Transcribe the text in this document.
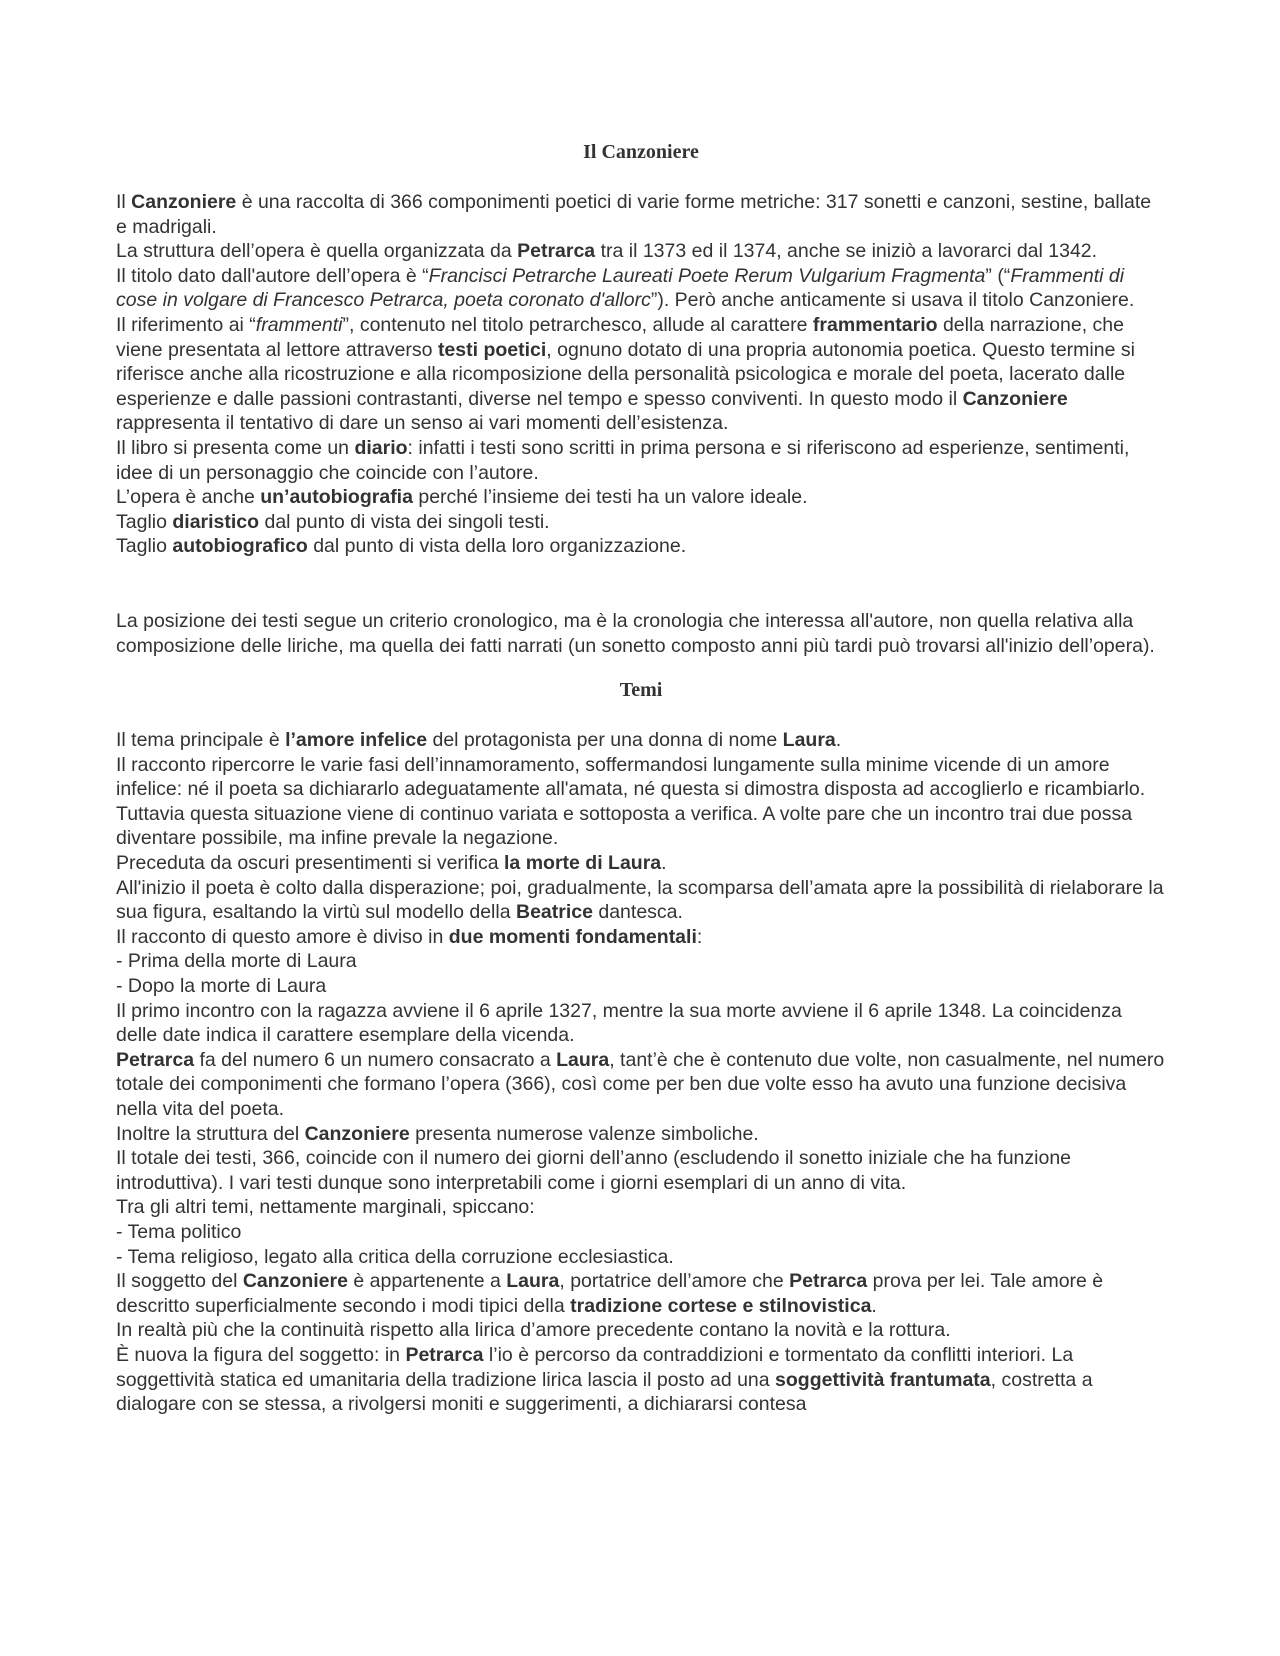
Il Canzoniere

Il Canzoniere è una raccolta di 366 componimenti poetici di varie forme metriche: 317 sonetti e canzoni, sestine, ballate e madrigali.

La struttura dell’opera è quella organizzata da Petrarca tra il 1373 ed il 1374, anche se iniziò a lavorarci dal 1342.

Il titolo dato dall'autore dell’opera è “Francisci Petrarche Laureati Poete Rerum Vulgarium Fragmenta” (“Frammenti di cose in volgare di Francesco Petrarca, poeta coronato d'allorc”). Però anche anticamente si usava il titolo Canzoniere.

Il riferimento ai “frammenti”, contenuto nel titolo petrarchesco, allude al carattere frammentario della narrazione, che viene presentata al lettore attraverso testi poetici, ognuno dotato di una propria autonomia poetica. Questo termine si riferisce anche alla ricostruzione e alla ricomposizione della personalità psicologica e morale del poeta, lacerato dalle esperienze e dalle passioni contrastanti, diverse nel tempo e spesso conviventi. In questo modo il Canzoniere rappresenta il tentativo di dare un senso ai vari momenti dell’esistenza.

Il libro si presenta come un diario: infatti i testi sono scritti in prima persona e si riferiscono ad esperienze, sentimenti, idee di un personaggio che coincide con l’autore.

L’opera è anche un’autobiografia perché l’insieme dei testi ha un valore ideale.

Taglio diaristico dal punto di vista dei singoli testi.

Taglio autobiografico dal punto di vista della loro organizzazione.

La posizione dei testi segue un criterio cronologico, ma è la cronologia che interessa all'autore, non quella relativa alla composizione delle liriche, ma quella dei fatti narrati (un sonetto composto anni più tardi può trovarsi all'inizio dell’opera).

Temi

Il tema principale è l’amore infelice del protagonista per una donna di nome Laura.

Il racconto ripercorre le varie fasi dell’innamoramento, soffermandosi lungamente sulla minime vicende di un amore infelice: né il poeta sa dichiararlo adeguatamente all'amata, né questa si dimostra disposta ad accoglierlo e ricambiarlo. Tuttavia questa situazione viene di continuo variata e sottoposta a verifica. A volte pare che un incontro trai due possa diventare possibile, ma infine prevale la negazione.

Preceduta da oscuri presentimenti si verifica la morte di Laura.

All'inizio il poeta è colto dalla disperazione; poi, gradualmente, la scomparsa dell’amata apre la possibilità di rielaborare la sua figura, esaltando la virtù sul modello della Beatrice dantesca.

Il racconto di questo amore è diviso in due momenti fondamentali:

- Prima della morte di Laura

- Dopo la morte di Laura

Il primo incontro con la ragazza avviene il 6 aprile 1327, mentre la sua morte avviene il 6 aprile 1348. La coincidenza delle date indica il carattere esemplare della vicenda.

Petrarca fa del numero 6 un numero consacrato a Laura, tant’è che è contenuto due volte, non casualmente, nel numero totale dei componimenti che formano l’opera (366), così come per ben due volte esso ha avuto una funzione decisiva nella vita del poeta.

Inoltre la struttura del Canzoniere presenta numerose valenze simboliche.

Il totale dei testi, 366, coincide con il numero dei giorni dell’anno (escludendo il sonetto iniziale che ha funzione introduttiva). I vari testi dunque sono interpretabili come i giorni esemplari di un anno di vita.

Tra gli altri temi, nettamente marginali, spiccano:

- Tema politico

- Tema religioso, legato alla critica della corruzione ecclesiastica.

Il soggetto del Canzoniere è appartenente a Laura, portatrice dell’amore che Petrarca prova per lei. Tale amore è descritto superficialmente secondo i modi tipici della tradizione cortese e stilnovistica.

In realtà più che la continuità rispetto alla lirica d’amore precedente contano la novità e la rottura.

È nuova la figura del soggetto: in Petrarca l’io è percorso da contraddizioni e tormentato da conflitti interiori. La soggettività statica ed umanitaria della tradizione lirica lascia il posto ad una soggettività frantumata, costretta a dialogare con se stessa, a rivolgersi moniti e suggerimenti, a dichiararsi contesa
